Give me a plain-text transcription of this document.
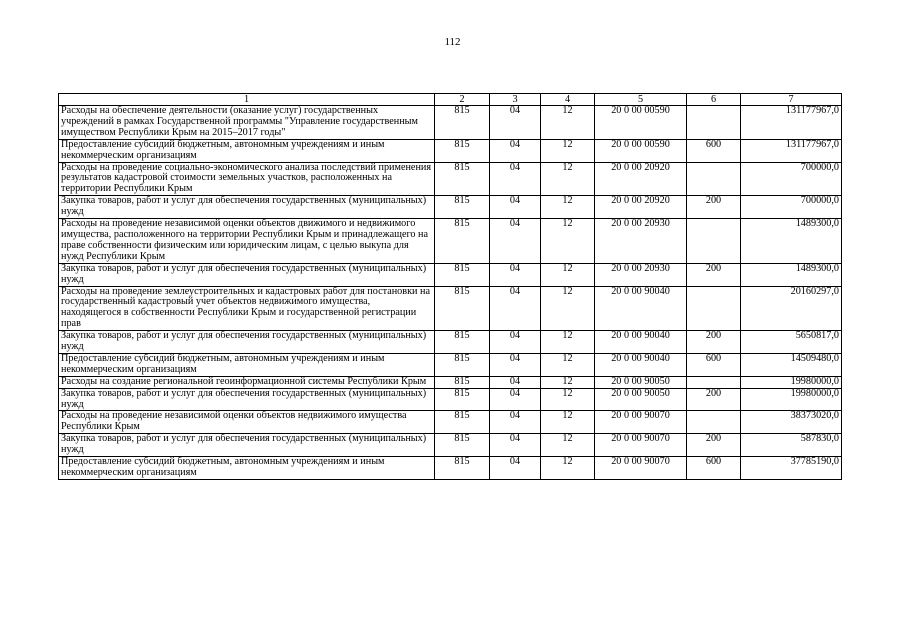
112
1	2	3	4	5	6	7
Расходы на обеспечение деятельности (оказание услуг) государственных учреждений в рамках Государственной программы "Управление государственным имуществом Республики Крым на 2015–2017 годы"	815	04	12	20 0 00 00590		131177967,0
Предоставление субсидий бюджетным, автономным учреждениям и иным некоммерческим организациям	815	04	12	20 0 00 00590	600	131177967,0
Расходы на проведение социально-экономического анализа последствий применения результатов кадастровой стоимости земельных участков, расположенных на территории Республики Крым	815	04	12	20 0 00 20920		700000,0
Закупка товаров, работ и услуг для обеспечения государственных (муниципальных) нужд	815	04	12	20 0 00 20920	200	700000,0
Расходы на проведение независимой оценки объектов движимого и недвижимого имущества, расположенного на территории Республики Крым и принадлежащего на праве собственности физическим или юридическим лицам, с целью выкупа для нужд Республики Крым	815	04	12	20 0 00 20930		1489300,0
Закупка товаров, работ и услуг для обеспечения государственных (муниципальных) нужд	815	04	12	20 0 00 20930	200	1489300,0
Расходы на проведение землеустроительных и кадастровых работ для постановки на государственный кадастровый учет объектов недвижимого имущества, находящегося в собственности Республики Крым и государственной регистрации прав	815	04	12	20 0 00 90040		20160297,0
Закупка товаров, работ и услуг для обеспечения государственных (муниципальных) нужд	815	04	12	20 0 00 90040	200	5650817,0
Предоставление субсидий бюджетным, автономным учреждениям и иным некоммерческим организациям	815	04	12	20 0 00 90040	600	14509480,0
Расходы на создание региональной геоинформационной системы Республики Крым	815	04	12	20 0 00 90050		19980000,0
Закупка товаров, работ и услуг для обеспечения государственных (муниципальных) нужд	815	04	12	20 0 00 90050	200	19980000,0
Расходы на проведение независимой оценки объектов недвижимого имущества Республики Крым	815	04	12	20 0 00 90070		38373020,0
Закупка товаров, работ и услуг для обеспечения государственных (муниципальных) нужд	815	04	12	20 0 00 90070	200	587830,0
Предоставление субсидий бюджетным, автономным учреждениям и иным некоммерческим организациям	815	04	12	20 0 00 90070	600	37785190,0
